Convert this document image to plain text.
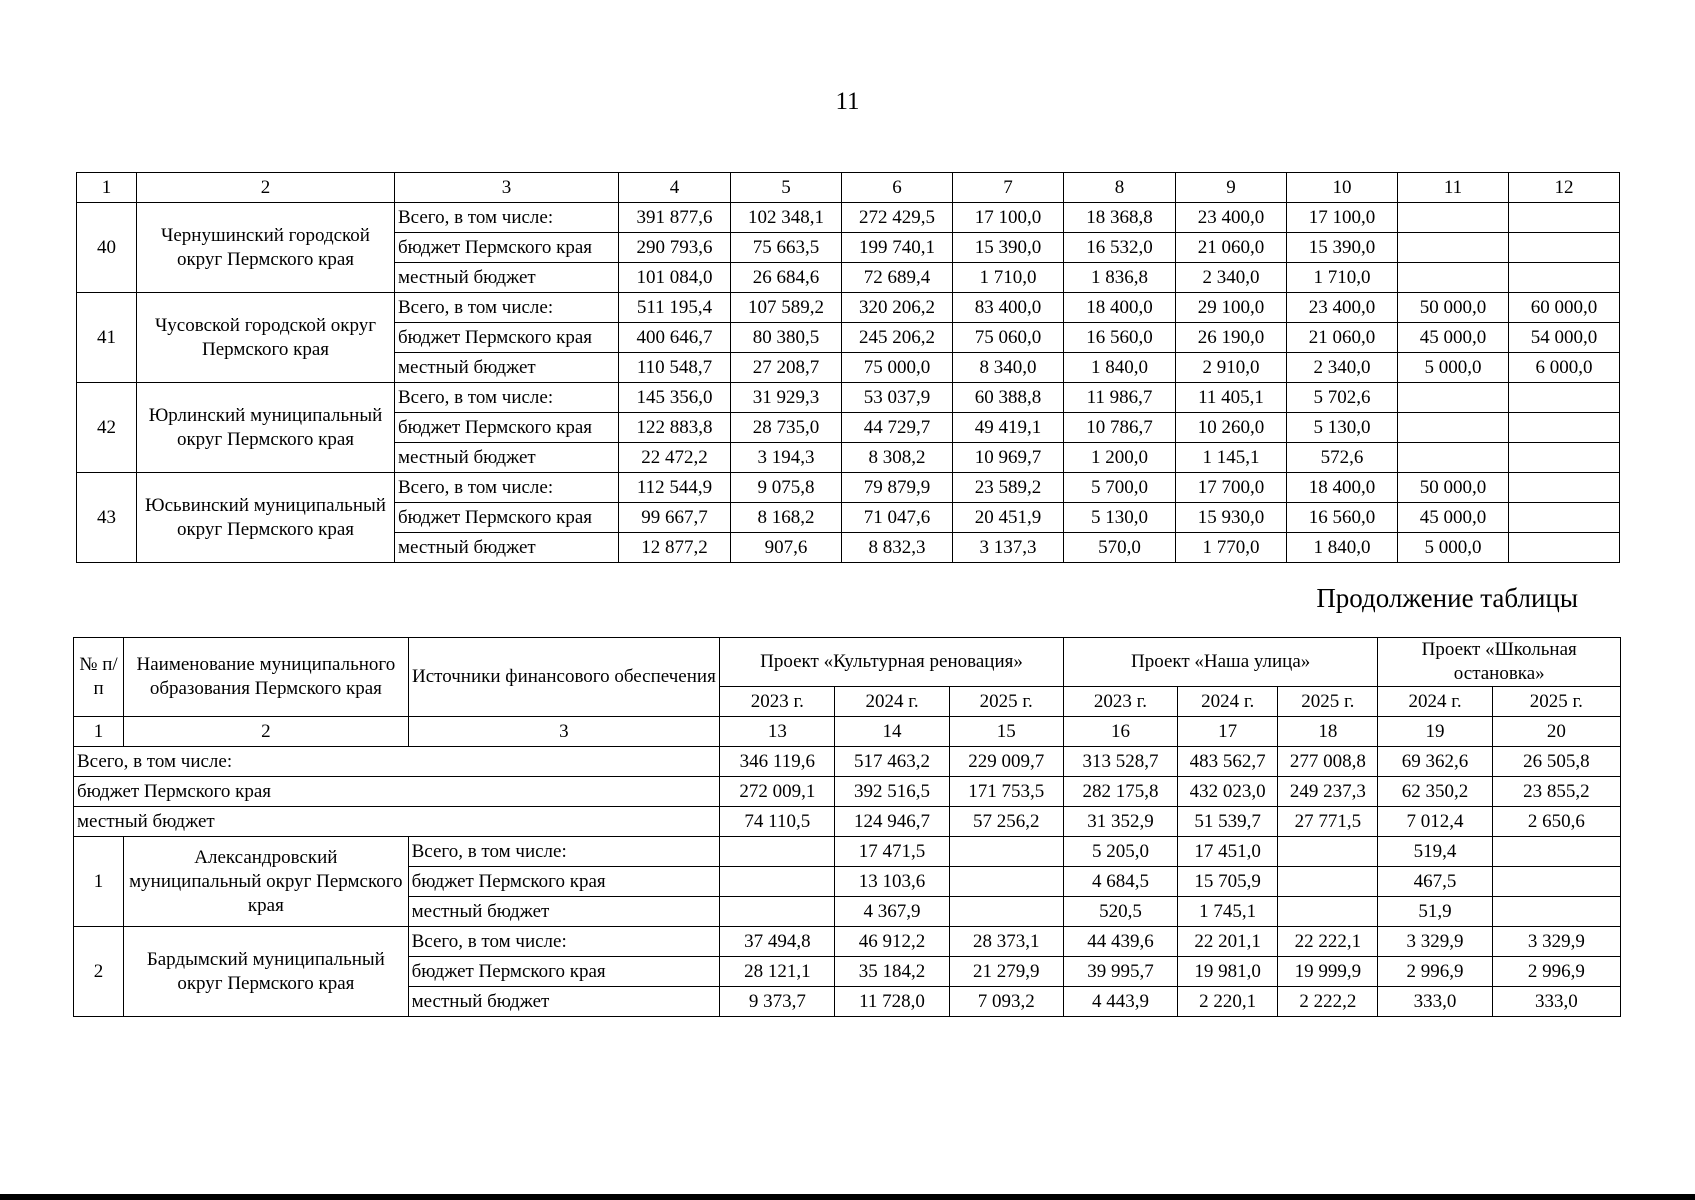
11
1	2	3	4	5	6	7	8	9	10	11	12
40	Чернушинский городской округ Пермского края	Всего, в том числе:	391 877,6	102 348,1	272 429,5	17 100,0	18 368,8	23 400,0	17 100,0		
		бюджет Пермского края	290 793,6	75 663,5	199 740,1	15 390,0	16 532,0	21 060,0	15 390,0		
		местный бюджет	101 084,0	26 684,6	72 689,4	1 710,0	1 836,8	2 340,0	1 710,0		
41	Чусовской городской округ Пермского края	Всего, в том числе:	511 195,4	107 589,2	320 206,2	83 400,0	18 400,0	29 100,0	23 400,0	50 000,0	60 000,0
		бюджет Пермского края	400 646,7	80 380,5	245 206,2	75 060,0	16 560,0	26 190,0	21 060,0	45 000,0	54 000,0
		местный бюджет	110 548,7	27 208,7	75 000,0	8 340,0	1 840,0	2 910,0	2 340,0	5 000,0	6 000,0
42	Юрлинский муниципальный округ Пермского края	Всего, в том числе:	145 356,0	31 929,3	53 037,9	60 388,8	11 986,7	11 405,1	5 702,6		
		бюджет Пермского края	122 883,8	28 735,0	44 729,7	49 419,1	10 786,7	10 260,0	5 130,0		
		местный бюджет	22 472,2	3 194,3	8 308,2	10 969,7	1 200,0	1 145,1	572,6		
43	Юсьвинский муниципальный округ Пермского края	Всего, в том числе:	112 544,9	9 075,8	79 879,9	23 589,2	5 700,0	17 700,0	18 400,0	50 000,0	
		бюджет Пермского края	99 667,7	8 168,2	71 047,6	20 451,9	5 130,0	15 930,0	16 560,0	45 000,0	
		местный бюджет	12 877,2	907,6	8 832,3	3 137,3	570,0	1 770,0	1 840,0	5 000,0	
Продолжение таблицы
№ п/п	Наименование муниципального образования Пермского края	Источники финансового обеспечения	Проект «Культурная реновация»			Проект «Наша улица»			Проект «Школьная остановка»	
			2023 г.	2024 г.	2025 г.	2023 г.	2024 г.	2025 г.	2024 г.	2025 г.
1	2	3	13	14	15	16	17	18	19	20
Всего, в том числе:			346 119,6	517 463,2	229 009,7	313 528,7	483 562,7	277 008,8	69 362,6	26 505,8
бюджет Пермского края			272 009,1	392 516,5	171 753,5	282 175,8	432 023,0	249 237,3	62 350,2	23 855,2
местный бюджет			74 110,5	124 946,7	57 256,2	31 352,9	51 539,7	27 771,5	7 012,4	2 650,6
1	Александровский муниципальный округ Пермского края	Всего, в том числе:		17 471,5		5 205,0	17 451,0		519,4	
		бюджет Пермского края		13 103,6		4 684,5	15 705,9		467,5	
		местный бюджет		4 367,9		520,5	1 745,1		51,9	
2	Бардымский муниципальный округ Пермского края	Всего, в том числе:	37 494,8	46 912,2	28 373,1	44 439,6	22 201,1	22 222,1	3 329,9	3 329,9
		бюджет Пермского края	28 121,1	35 184,2	21 279,9	39 995,7	19 981,0	19 999,9	2 996,9	2 996,9
		местный бюджет	9 373,7	11 728,0	7 093,2	4 443,9	2 220,1	2 222,2	333,0	333,0
